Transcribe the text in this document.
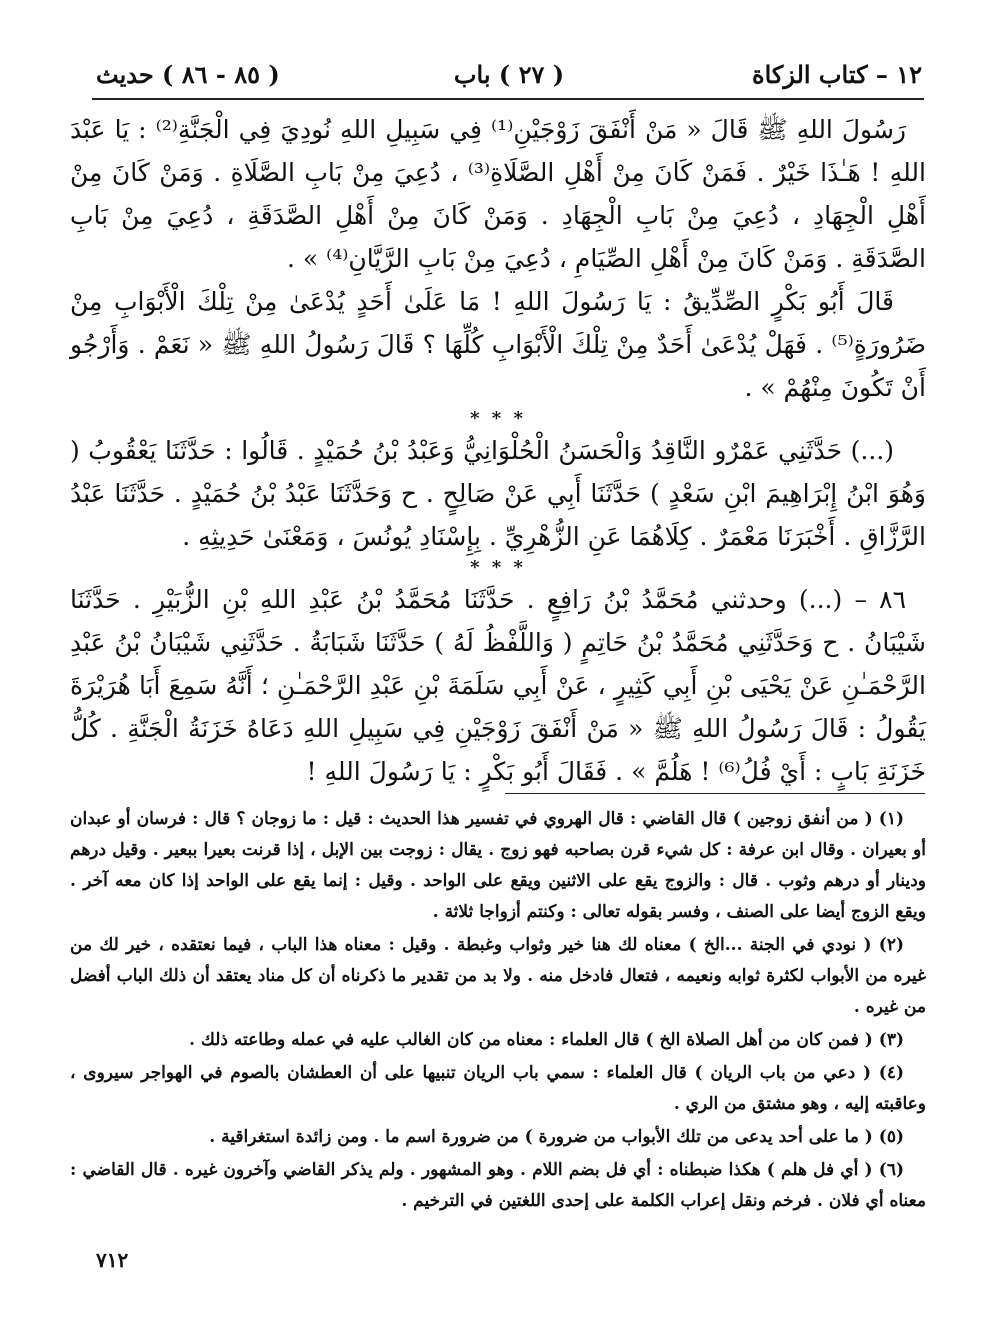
١٢ – كتاب الزكاة
( ٢٧ ) باب
( ٨٥ - ٨٦ ) حديث

رَسُولَ اللهِ ﷺ قَالَ « مَنْ أَنْفَقَ زَوْجَيْنِ⁽¹⁾ فِي سَبِيلِ اللهِ نُودِيَ فِي الْجَنَّةِ⁽²⁾ : يَا عَبْدَ اللهِ ! هَـٰذَا خَيْرٌ . فَمَنْ كَانَ مِنْ أَهْلِ الصَّلَاةِ⁽³⁾ ، دُعِيَ مِنْ بَابِ الصَّلَاةِ . وَمَنْ كَانَ مِنْ أَهْلِ الْجِهَادِ ، دُعِيَ مِنْ بَابِ الْجِهَادِ . وَمَنْ كَانَ مِنْ أَهْلِ الصَّدَقَةِ ، دُعِيَ مِنْ بَابِ الصَّدَقَةِ . وَمَنْ كَانَ مِنْ أَهْلِ الصِّيَامِ ، دُعِيَ مِنْ بَابِ الرَّيَّانِ⁽⁴⁾ » .

قَالَ أَبُو بَكْرٍ الصِّدِّيقُ : يَا رَسُولَ اللهِ ! مَا عَلَىٰ أَحَدٍ يُدْعَىٰ مِنْ تِلْكَ الْأَبْوَابِ مِنْ ضَرُورَةٍ⁽⁵⁾ . فَهَلْ يُدْعَىٰ أَحَدٌ مِنْ تِلْكَ الْأَبْوَابِ كُلِّهَا ؟ قَالَ رَسُولُ اللهِ ﷺ « نَعَمْ . وَأَرْجُو أَنْ تَكُونَ مِنْهُمْ » .

* * *

(...) حَدَّثَنِي عَمْرٌو النَّاقِدُ وَالْحَسَنُ الْحُلْوَانِيُّ وَعَبْدُ بْنُ حُمَيْدٍ . قَالُوا : حَدَّثَنَا يَعْقُوبُ ( وَهُوَ ابْنُ إِبْرَاهِيمَ ابْنِ سَعْدٍ ) حَدَّثَنَا أَبِي عَنْ صَالِحٍ . ح وَحَدَّثَنَا عَبْدُ بْنُ حُمَيْدٍ . حَدَّثَنَا عَبْدُ الرَّزَّاقِ . أَخْبَرَنَا مَعْمَرٌ . كِلَاهُمَا عَنِ الزُّهْرِيِّ . بِإِسْنَادِ يُونُسَ ، وَمَعْنَىٰ حَدِيثِهِ .

* * *

٨٦ – (...) وحدثني مُحَمَّدُ بْنُ رَافِعٍ . حَدَّثَنَا مُحَمَّدُ بْنُ عَبْدِ اللهِ بْنِ الزُّبَيْرِ . حَدَّثَنَا شَيْبَانُ . ح وَحَدَّثَنِي مُحَمَّدُ بْنُ حَاتِمٍ ( وَاللَّفْظُ لَهُ ) حَدَّثَنَا شَبَابَةُ . حَدَّثَنِي شَيْبَانُ بْنُ عَبْدِ الرَّحْمَـٰنِ عَنْ يَحْيَى بْنِ أَبِي كَثِيرٍ ، عَنْ أَبِي سَلَمَةَ بْنِ عَبْدِ الرَّحْمَـٰنِ ؛ أَنَّهُ سَمِعَ أَبَا هُرَيْرَةَ يَقُولُ : قَالَ رَسُولُ اللهِ ﷺ « مَنْ أَنْفَقَ زَوْجَيْنِ فِي سَبِيلِ اللهِ دَعَاهُ خَزَنَةُ الْجَنَّةِ . كُلُّ خَزَنَةِ بَابٍ : أَيْ فُلُ⁽⁶⁾ ! هَلُمَّ » . فَقَالَ أَبُو بَكْرٍ : يَا رَسُولَ اللهِ !

(١) ( من أنفق زوجين ) قال القاضي : قال الهروي في تفسير هذا الحديث : قيل : ما زوجان ؟ قال : فرسان أو عبدان أو بعيران . وقال ابن عرفة : كل شيء قرن بصاحبه فهو زوج . يقال : زوجت بين الإبل ، إذا قرنت بعيرا ببعير . وقيل درهم ودينار أو درهم وثوب . قال : والزوج يقع على الاثنين ويقع على الواحد . وقيل : إنما يقع على الواحد إذا كان معه آخر . ويقع الزوج أيضا على الصنف ، وفسر بقوله تعالى : وكنتم أزواجا ثلاثة .

(٢) ( نودي في الجنة ...الخ ) معناه لك هنا خير وثواب وغبطة . وقيل : معناه هذا الباب ، فيما نعتقده ، خير لك من غيره من الأبواب لكثرة ثوابه ونعيمه ، فتعال فادخل منه . ولا بد من تقدير ما ذكرناه أن كل مناد يعتقد أن ذلك الباب أفضل من غيره .

(٣) ( فمن كان من أهل الصلاة الخ ) قال العلماء : معناه من كان الغالب عليه في عمله وطاعته ذلك .

(٤) ( دعي من باب الريان ) قال العلماء : سمي باب الريان تنبيها على أن العطشان بالصوم في الهواجر سيروى ، وعاقبته إليه ، وهو مشتق من الري .

(٥) ( ما على أحد يدعى من تلك الأبواب من ضرورة ) من ضرورة اسم ما . ومن زائدة استغراقية .

(٦) ( أي فل هلم ) هكذا ضبطناه : أي فل بضم اللام . وهو المشهور . ولم يذكر القاضي وآخرون غيره . قال القاضي : معناه أي فلان . فرخم ونقل إعراب الكلمة على إحدى اللغتين في الترخيم .

٧١٢
